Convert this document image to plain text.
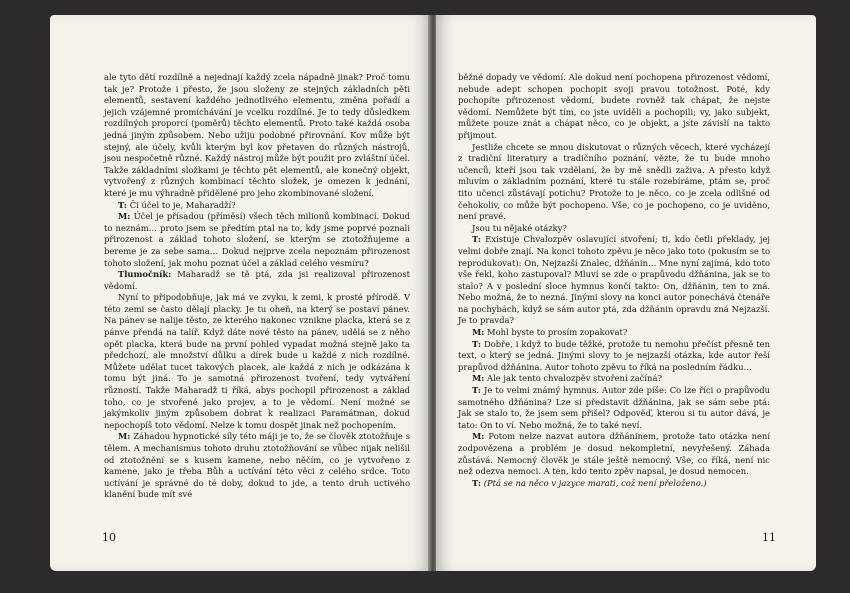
ale tyto dětí rozdílně a nejednají každý zcela nápadně jinak? Proč tomu tak je? Protože i přesto, že jsou složeny ze stejných základních pěti elementů, sestavení každého jednotlivého elementu, změna pořadí a jejich vzájemné promíchávání je vcelku rozdílné. Je to tedy důsledkem rozdílných proporcí (poměrů) těchto elementů. Proto také každá osoba jedná jiným způsobem. Nebo užiju podobné přirovnání. Kov může být stejný, ale účely, kvůli kterým byl kov přetaven do různých nástrojů, jsou nespočetně různé. Každý nástroj může být použit pro zvláštní účel. Takže základními složkami je těchto pět elementů, ale konečný objekt, vytvořený z různých kombinací těchto složek, je omezen k jednání, které je mu výhradně přidělené pro jeho zkombinované složení.

T: Či účel to je, Maharadží?

M: Účel je přísadou (příměsí) všech těch milionů kombinací. Dokud to neznám… proto jsem se předtím ptal na to, kdy jsme poprvé poznali přirozenost a základ tohoto složení, se kterým se ztotožňujeme a bereme je za sebe sama… Dokud nejprve zcela nepoznám přirozenost tohoto složení, jak mohu poznat účel a základ celého vesmíru?

Tlumočník: Maharadž se tě ptá, zda jsi realizoval přirozenost vědomí.

Nyní to připodobňuje, jak má ve zvyku, k zemi, k prosté přírodě. V této zemi se často dělají placky. Je tu oheň, na který se postaví pánev. Na pánev se nalije těsto, ze kterého nakonec vznikne placka, která se z pánve přendá na talíř. Když dáte nové těsto na pánev, udělá se z něho opět placka, která bude na první pohled vypadat možná stejně jako ta předchozí, ale množství důlku a dírek bude u každé z nich rozdílné. Můžete udělat tucet takových placek, ale každá z nich je odkázána k tomu být jiná. To je samotná přirozenost tvoření, tedy vytváření růzností. Takže Maharadž ti říká, abys pochopil přirozenost a základ toho, co je stvořené jako projev, a to je vědomí. Není možné se jakýmkoliv jiným způsobem dobrat k realizaci Paramátman, dokud nepochopíš toto vědomí. Nelze k tomu dospět jinak než pochopením.

M: Záhadou hypnotické síly této máji je to, že se člověk ztotožňuje s tělem. A mechanismus tohoto druhu ztotožňování se vůbec nijak nelišil od ztotožnění se s kusem kamene, nebo něčím, co je vytvořeno z kamene, jako je třeba Bůh a uctívání této věci z celého srdce. Toto uctívání je správné do té doby, dokud to jde, a tento druh uctivého klanění bude mít své

10

běžné dopady ve vědomí. Ale dokud není pochopena přirozenost vědomí, nebude adept schopen pochopit svoji pravou totožnost. Poté, kdy pochopíte přirozenost vědomí, budete rovněž tak chápat, že nejste vědomí. Nemůžete být tím, co jste uviděli a pochopili; vy, jako subjekt, můžete pouze znát a chápat něco, co je objekt, a jste závislí na takto přijmout.

Jestliže chcete se mnou diskutovat o různých věcech, které vycházejí z tradiční literatury a tradičního poznání, vězte, že tu bude mnoho učenců, kteří jsou tak vzdělaní, že by mě snědli zaživa. A přesto když mluvím o základním poznání, které tu stále rozebíráme, ptám se, proč tito učenci zůstávají potichu? Protože to je něco, co je zcela odlišné od čehokoliv, co může být pochopeno. Vše, co je pochopeno, co je uviděno, není pravé.

Jsou tu nějaké otázky?

T: Existuje Chvalozpěv oslavující stvoření; ti, kdo četli překlady, jej velmi dobře znají. Na konci tohoto zpěvu je něco jako toto (pokusím se to reprodukovat): On, Nejzazší Znalec, džňánin… Mne nyní zajímá, kdo toto vše řekl, koho zastupoval? Mluví se zde o prapůvodu džňánina, jak se to stalo? A v poslední sloce hymnus končí takto: On, džňánin, ten to zná. Nebo možná, že to nezná. Jinými slovy na konci autor ponechává čtenáře na pochybách, když se sám autor ptá, zda džňánin opravdu zná Nejzazší. Je to pravda?

M: Mohl byste to prosím zopakovat?

T: Dobře, i když to bude těžké, protože tu nemohu přečíst přesně ten text, o který se jedná. Jinými slovy to je nejzazší otázka, kde autor řeší prapůvod džňánina. Autor tohoto zpěvu to říká na posledním řádku…

M: Ale jak tento chvalozpěv stvoření začíná?

T: Je to velmi známý hymnus. Autor zde píše: Co lze říci o prapůvodu samotného džňánina? Lze si představit džňánina, jak se sám sebe ptá: Jak se stalo to, že jsem sem přišel? Odpověď, kterou si tu autor dává, je tato: On to ví. Nebo možná, že to také neví.

M: Potom nelze nazvat autora džňáninem, protože tato otázka není zodpovězena a problém je dosud nekompletní, nevyřešený. Záhada zůstává. Nemocný člověk je stále ještě nemocný. Vše, co říká, není nic než odezva nemoci. A ten, kdo tento zpěv napsal, je dosud nemocen.

T: (Ptá se na něco v jazyce marati, což není přeloženo.)

11
